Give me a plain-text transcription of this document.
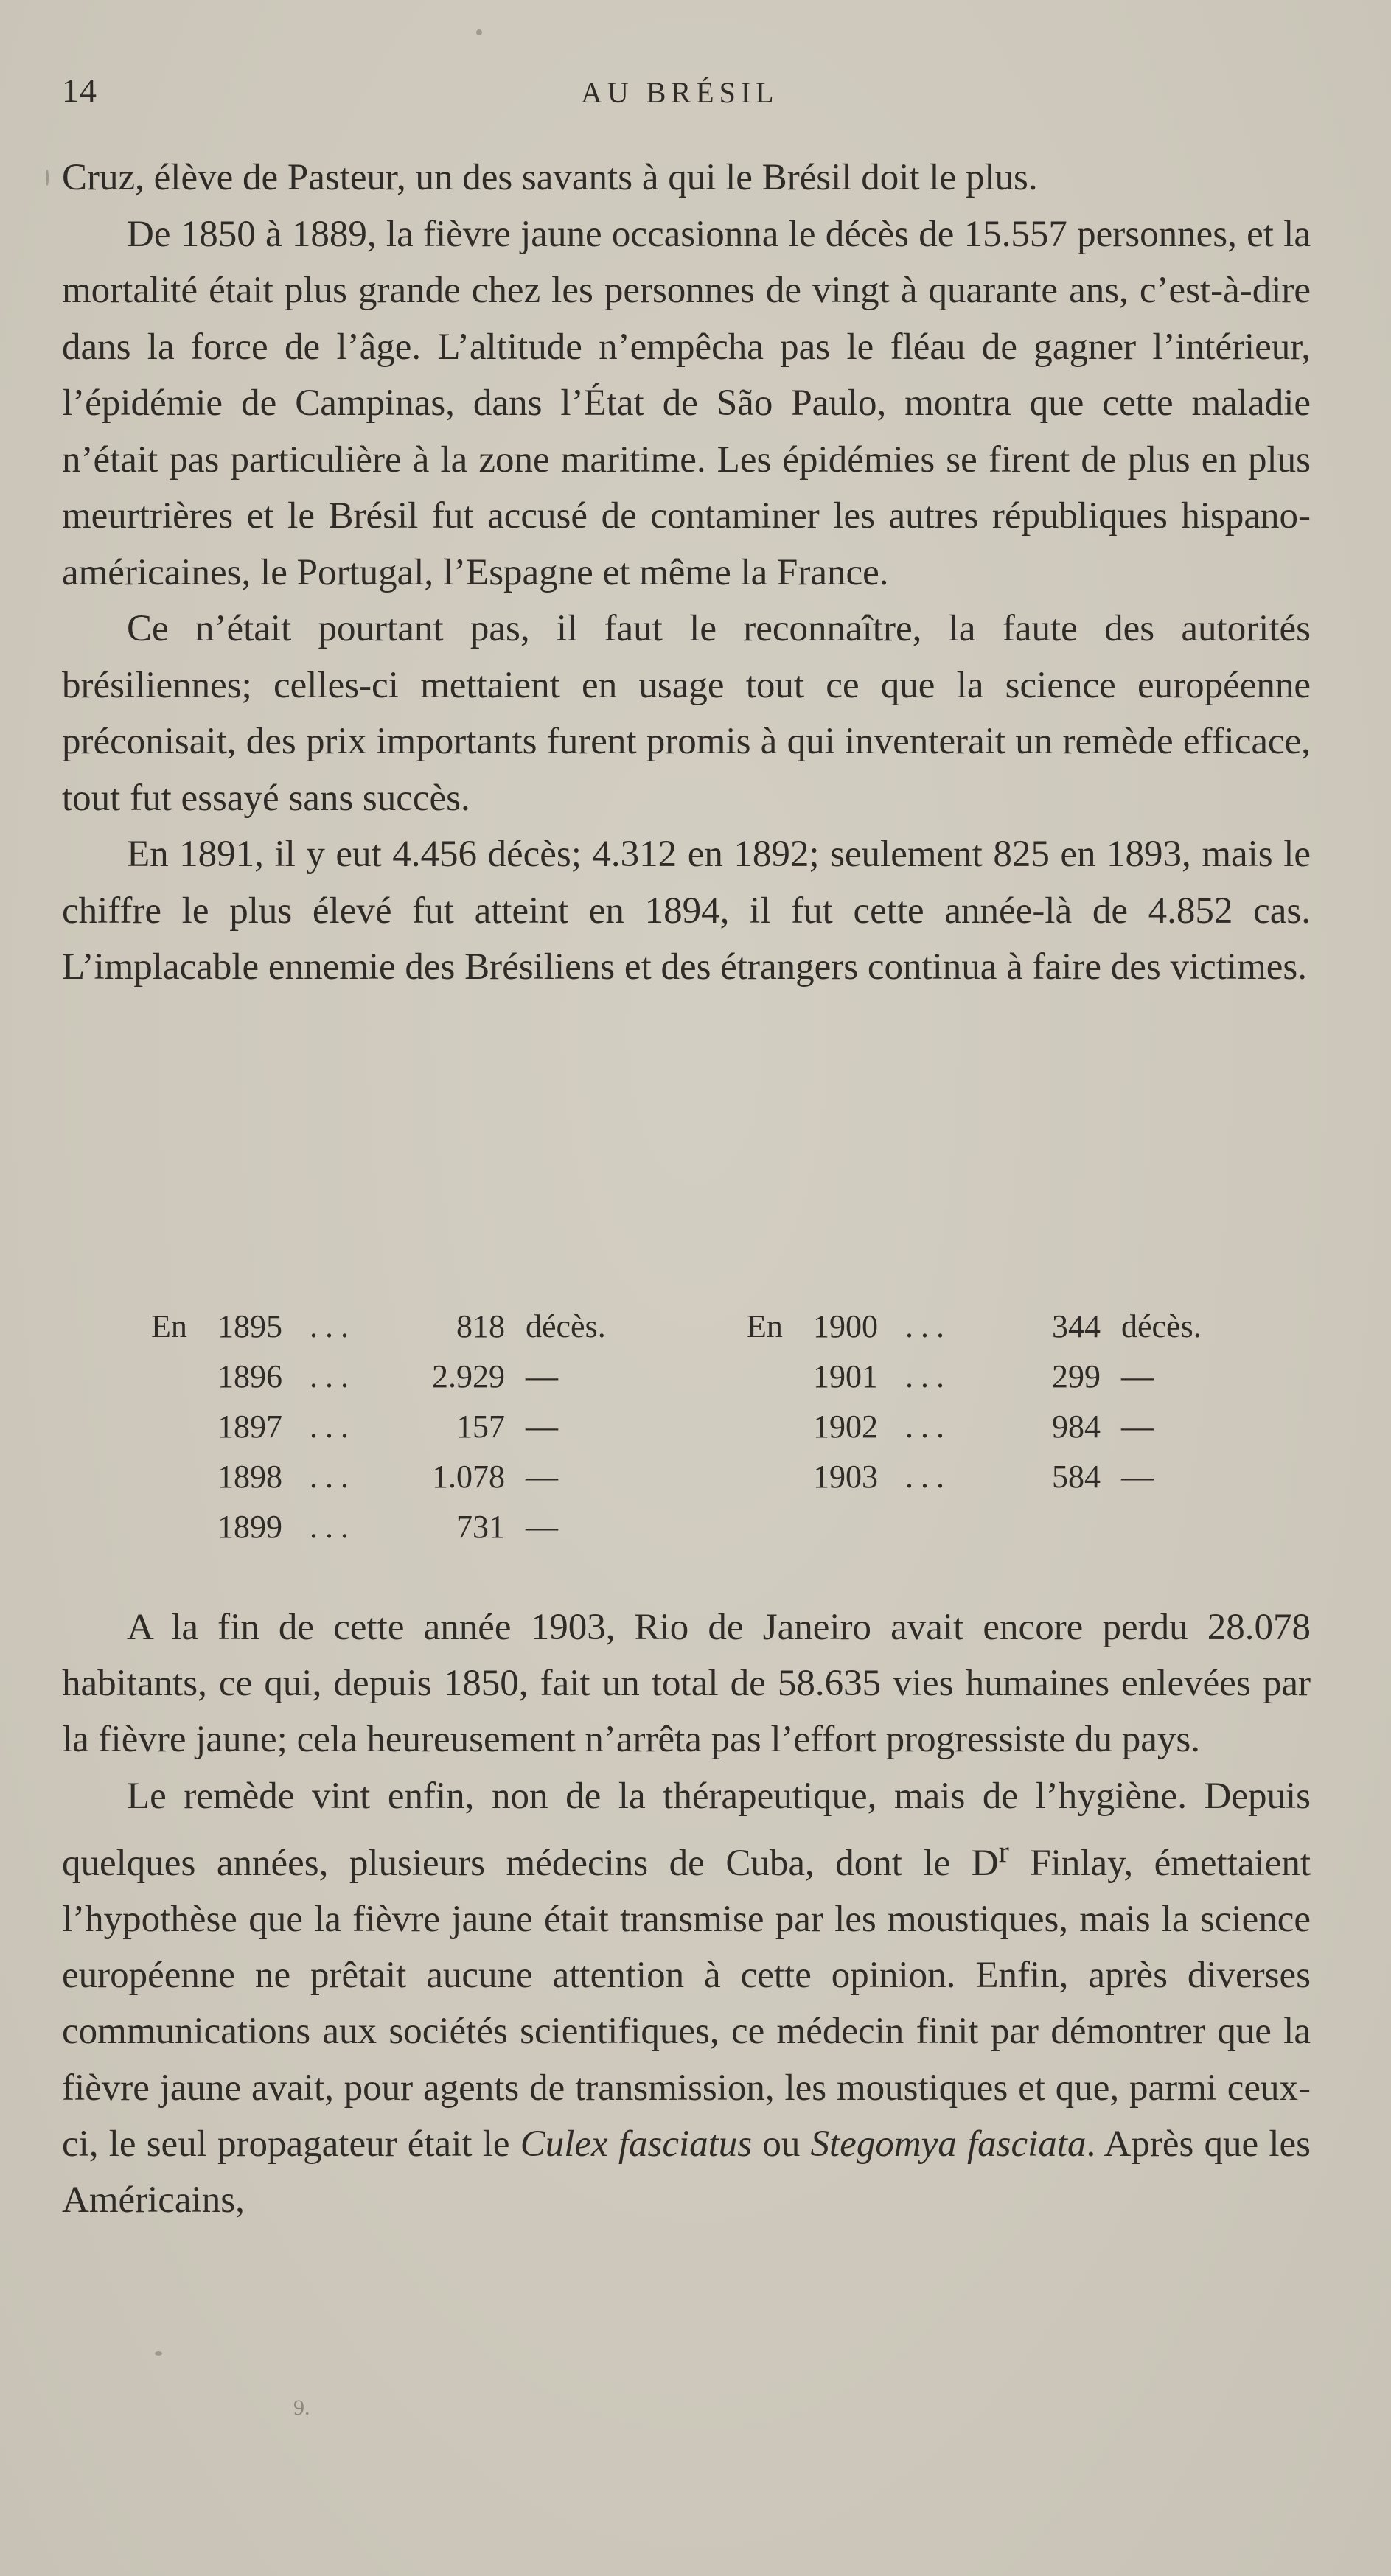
14	AU BRÉSIL

Cruz, élève de Pasteur, un des savants à qui le Brésil doit le plus.

De 1850 à 1889, la fièvre jaune occasionna le décès de 15.557 personnes, et la mortalité était plus grande chez les personnes de vingt à quarante ans, c’est-à-dire dans la force de l’âge. L’altitude n’empêcha pas le fléau de gagner l’intérieur, l’épidémie de Campinas, dans l’État de São Paulo, montra que cette maladie n’était pas particulière à la zone maritime. Les épidémies se firent de plus en plus meurtrières et le Brésil fut accusé de contaminer les autres républiques hispano-américaines, le Portugal, l’Espagne et même la France.

Ce n’était pourtant pas, il faut le reconnaître, la faute des autorités brésiliennes; celles-ci mettaient en usage tout ce que la science européenne préconisait, des prix importants furent promis à qui inventerait un remède efficace, tout fut essayé sans succès.

En 1891, il y eut 4.456 décès; 4.312 en 1892; seulement 825 en 1893, mais le chiffre le plus élevé fut atteint en 1894, il fut cette année-là de 4.852 cas. L’implacable ennemie des Brésiliens et des étrangers continua à faire des victimes.

En 1895 ...	818 décès.
1896 ...	2.929 —
1897 ...	157 —
1898 ...	1.078 —
1899 ...	731 —
En 1900 ...	344 décès.
1901 ...	299 —
1902 ...	984 —
1903 ...	584 —

A la fin de cette année 1903, Rio de Janeiro avait encore perdu 28.078 habitants, ce qui, depuis 1850, fait un total de 58.635 vies humaines enlevées par la fièvre jaune; cela heureusement n’arrêta pas l’effort progressiste du pays.

Le remède vint enfin, non de la thérapeutique, mais de l’hygiène. Depuis quelques années, plusieurs médecins de Cuba, dont le $D^r$ Finlay, émettaient l’hypothèse que la fièvre jaune était transmise par les moustiques, mais la science européenne ne prêtait aucune attention à cette opinion. Enfin, après diverses communications aux sociétés scientifiques, ce médecin finit par démontrer que la fièvre jaune avait, pour agents de transmission, les moustiques et que, parmi ceux-ci, le seul propagateur était le Culex fasciatus ou Stegomya fasciata. Après que les Américains,

9.
